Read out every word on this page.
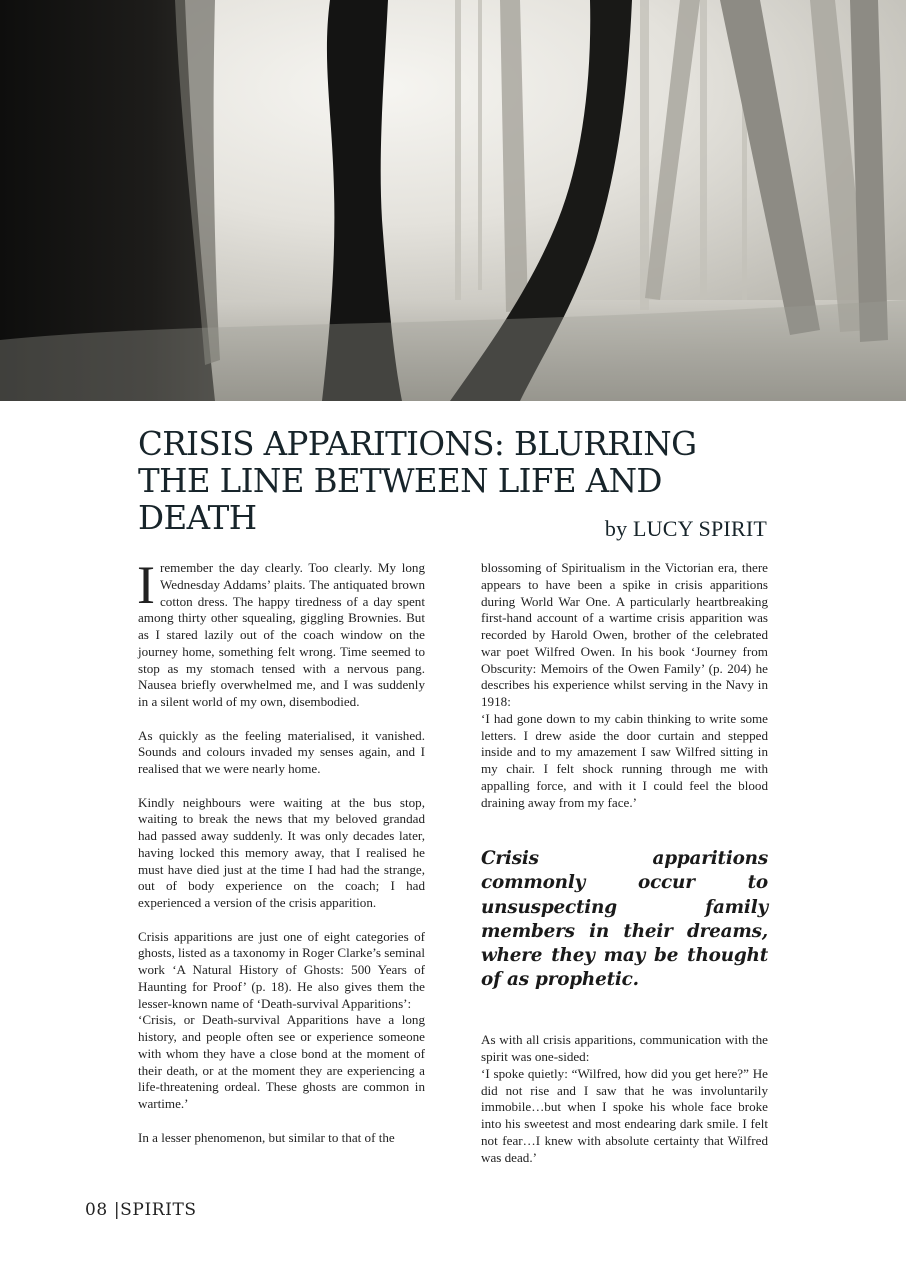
CRISIS APPARITIONS: BLURRING THE LINE BETWEEN LIFE AND DEATH	by LUCY SPIRIT

Iremember the day clearly. Too clearly. My long Wednesday Addams’ plaits. The antiquated brown cotton dress. The happy tiredness of a day spent among thirty other squealing, giggling Brownies. But as I stared lazily out of the coach window on the journey home, something felt wrong. Time seemed to stop as my stomach tensed with a nervous pang. Nausea briefly overwhelmed me, and I was suddenly in a silent world of my own, disembodied.

As quickly as the feeling materialised, it vanished. Sounds and colours invaded my senses again, and I realised that we were nearly home.

Kindly neighbours were waiting at the bus stop, waiting to break the news that my beloved grandad had passed away suddenly. It was only decades later, having locked this memory away, that I realised he must have died just at the time I had had the strange, out of body experience on the coach; I had experienced a version of the crisis apparition.

Crisis apparitions are just one of eight categories of ghosts, listed as a taxonomy in Roger Clarke’s seminal work ‘A Natural History of Ghosts: 500 Years of Haunting for Proof’ (p. 18). He also gives them the lesser-known name of ‘Death-survival Apparitions’:

‘Crisis, or Death-survival Apparitions have a long history, and people often see or experience someone with whom they have a close bond at the moment of their death, or at the moment they are experiencing a life-threatening ordeal. These ghosts are common in wartime.’

In a lesser phenomenon, but similar to that of the

blossoming of Spiritualism in the Victorian era, there appears to have been a spike in crisis apparitions during World War One. A particularly heartbreaking first-hand account of a wartime crisis apparition was recorded by Harold Owen, brother of the celebrated war poet Wilfred Owen. In his book ‘Journey from Obscurity: Memoirs of the Owen Family’ (p. 204) he describes his experience whilst serving in the Navy in 1918:

‘I had gone down to my cabin thinking to write some letters. I drew aside the door curtain and stepped inside and to my amazement I saw Wilfred sitting in my chair. I felt shock running through me with appalling force, and with it I could feel the blood draining away from my face.’

Crisis apparitions commonly occur to unsuspecting family members in their dreams, where they may be thought of as prophetic.

As with all crisis apparitions, communication with the spirit was one-sided:

‘I spoke quietly: “Wilfred, how did you get here?” He did not rise and I saw that he was involuntarily immobile…but when I spoke his whole face broke into his sweetest and most endearing dark smile. I felt not fear…I knew with absolute certainty that Wilfred was dead.’

08 |SPIRITS
